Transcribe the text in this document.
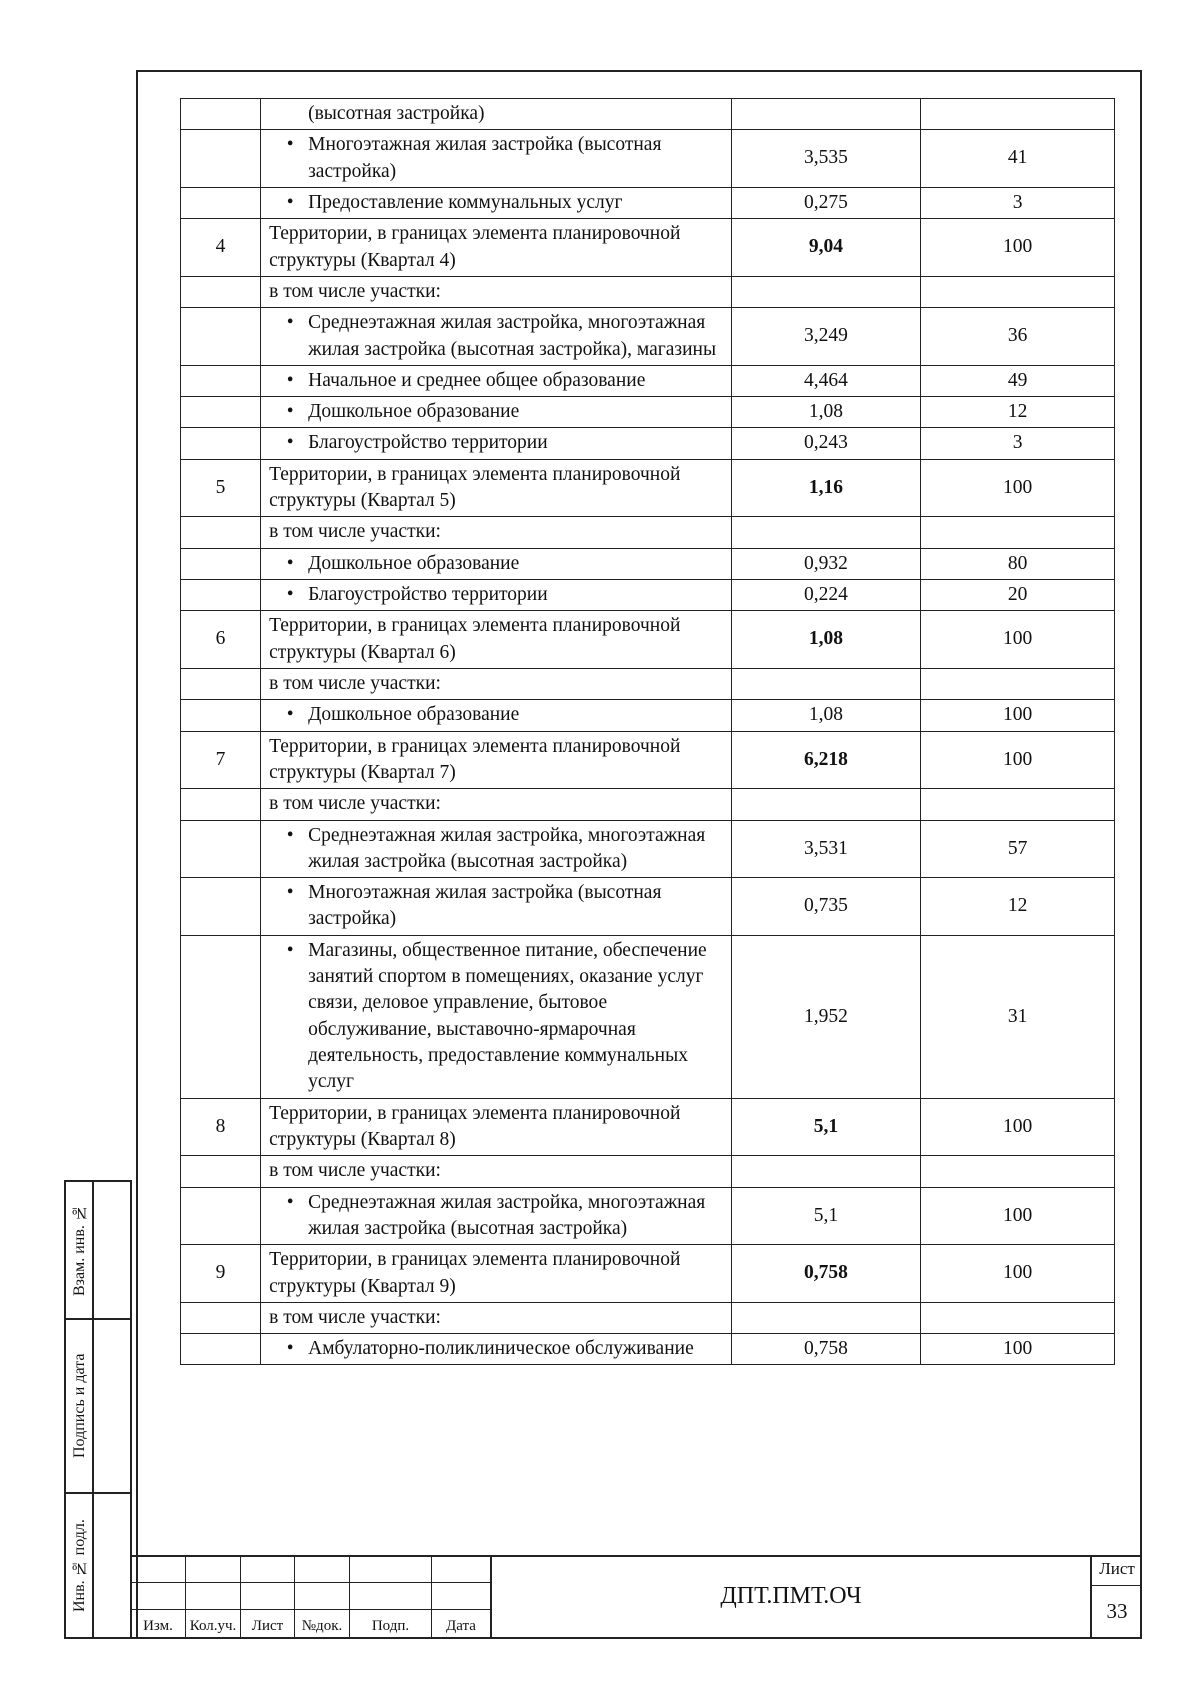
	(высотная застройка)		

	• Многоэтажная жилая застройка (высотная застройка)	3,535	41

	• Предоставление коммунальных услуг	0,275	3
4	Территории, в границах элемента планировочной структуры (Квартал 4)	9,04	100
	в том числе участки:		

	• Среднеэтажная жилая застройка, многоэтажная жилая застройка (высотная застройка), магазины	3,249	36

	• Начальное и среднее общее образование	4,464	49

	• Дошкольное образование	1,08	12

	• Благоустройство территории	0,243	3
5	Территории, в границах элемента планировочной структуры (Квартал 5)	1,16	100
	в том числе участки:		

	• Дошкольное образование	0,932	80

	• Благоустройство территории	0,224	20
6	Территории, в границах элемента планировочной структуры (Квартал 6)	1,08	100
	в том числе участки:		

	• Дошкольное образование	1,08	100
7	Территории, в границах элемента планировочной структуры (Квартал 7)	6,218	100
	в том числе участки:		

	• Среднеэтажная жилая застройка, многоэтажная жилая застройка (высотная застройка)	3,531	57

	• Многоэтажная жилая застройка (высотная застройка)	0,735	12

	• Магазины, общественное питание, обеспечение занятий спортом в помещениях, оказание услуг связи, деловое управление, бытовое обслуживание, выставочно-ярмарочная деятельность, предоставление коммунальных услуг	1,952	31
8	Территории, в границах элемента планировочной структуры (Квартал 8)	5,1	100
	в том числе участки:		

	• Среднеэтажная жилая застройка, многоэтажная жилая застройка (высотная застройка)	5,1	100
9	Территории, в границах элемента планировочной структуры (Квартал 9)	0,758	100
	в том числе участки:		

	• Амбулаторно-поликлиническое обслуживание	0,758	100
Взам. инв. №
Подпись и дата
Инв. № подл.
Изм.	Кол.уч.	Лист	№док.	Подп.	Дата
ДПТ.ПМТ.ОЧ
Лист
33
